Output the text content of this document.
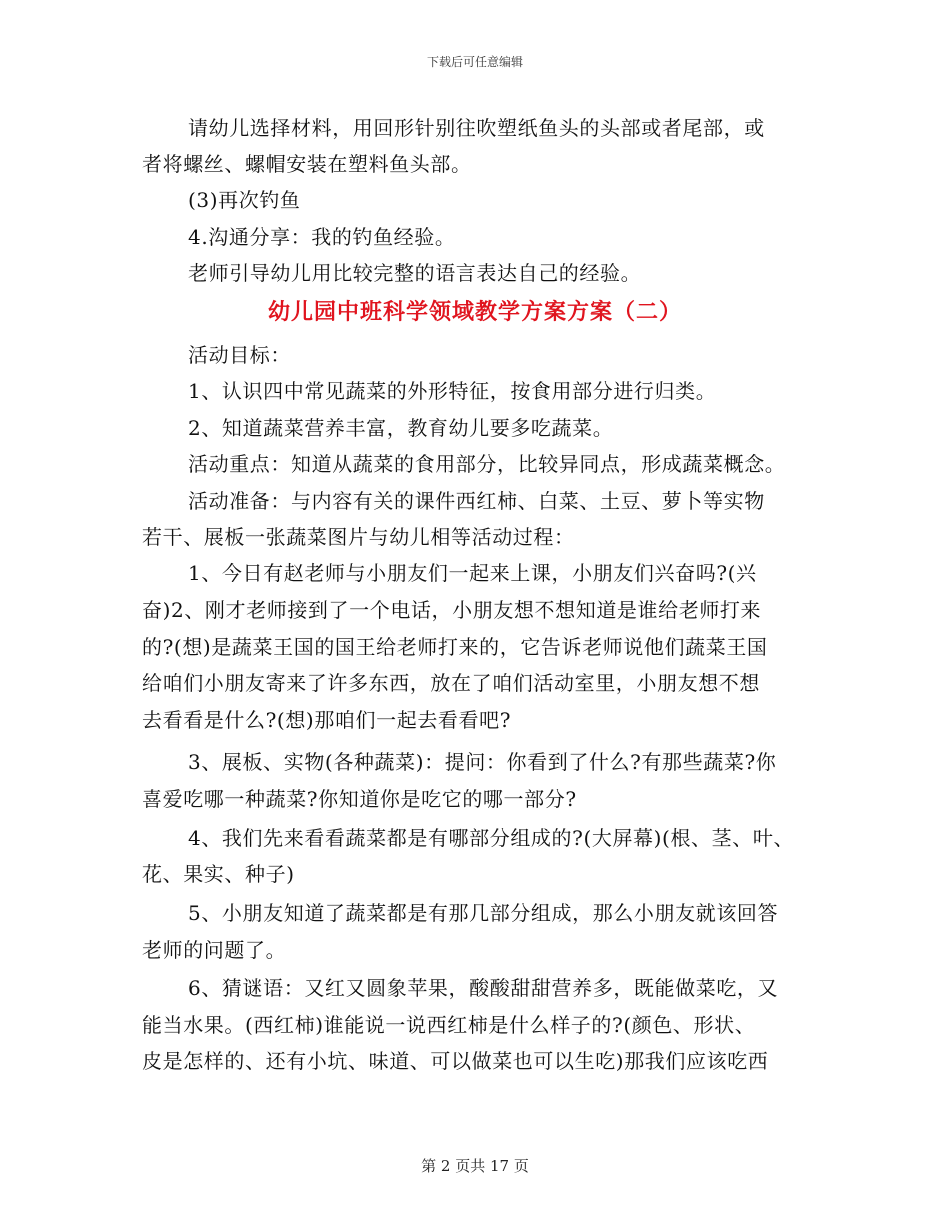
下载后可任意编辑
请幼儿选择材料，用回形针别往吹塑纸鱼头的头部或者尾部，或
者将螺丝、螺帽安装在塑料鱼头部。
(3)再次钓鱼
4.沟通分享：我的钓鱼经验。
老师引导幼儿用比较完整的语言表达自己的经验。
幼儿园中班科学领域教学方案方案（二）
活动目标：
1、认识四中常见蔬菜的外形特征，按食用部分进行归类。
2、知道蔬菜营养丰富，教育幼儿要多吃蔬菜。
活动重点：知道从蔬菜的食用部分，比较异同点，形成蔬菜概念。
活动准备：与内容有关的课件西红柿、白菜、土豆、萝卜等实物
若干、展板一张蔬菜图片与幼儿相等活动过程：
1、今日有赵老师与小朋友们一起来上课，小朋友们兴奋吗?(兴
奋)2、刚才老师接到了一个电话，小朋友想不想知道是谁给老师打来
的?(想)是蔬菜王国的国王给老师打来的，它告诉老师说他们蔬菜王国
给咱们小朋友寄来了许多东西，放在了咱们活动室里，小朋友想不想
去看看是什么?(想)那咱们一起去看看吧?
3、展板、实物(各种蔬菜)：提问：你看到了什么?有那些蔬菜?你
喜爱吃哪一种蔬菜?你知道你是吃它的哪一部分?
4、我们先来看看蔬菜都是有哪部分组成的?(大屏幕)(根、茎、叶、
花、果实、种子)
5、小朋友知道了蔬菜都是有那几部分组成，那么小朋友就该回答
老师的问题了。
6、猜谜语：又红又圆象苹果，酸酸甜甜营养多，既能做菜吃，又
能当水果。(西红柿)谁能说一说西红柿是什么样子的?(颜色、形状、
皮是怎样的、还有小坑、味道、可以做菜也可以生吃)那我们应该吃西
第 2 页共 17 页
